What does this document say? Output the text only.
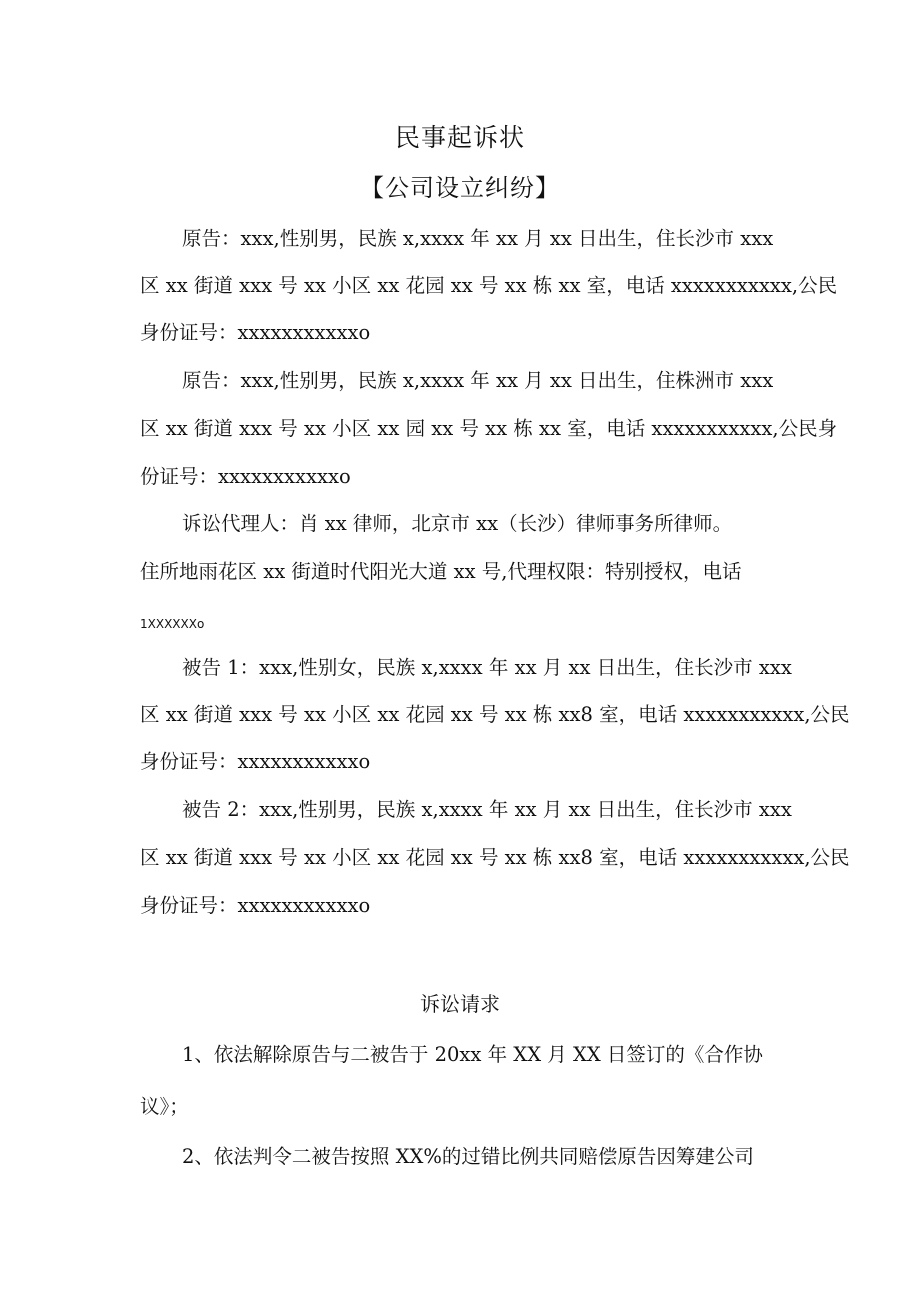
民事起诉状
【公司设立纠纷】
原告：xxx,性别男，民族 x,xxxx 年 xx 月 xx 日出生，住长沙市 xxx
区 xx 街道 xxx 号 xx 小区 xx 花园 xx 号 xx 栋 xx 室，电话 xxxxxxxxxxx,公民
身份证号：xxxxxxxxxxxo
原告：xxx,性别男，民族 x,xxxx 年 xx 月 xx 日出生，住株洲市 xxx
区 xx 街道 xxx 号 xx 小区 xx 园 xx 号 xx 栋 xx 室，电话 xxxxxxxxxxx,公民身
份证号：xxxxxxxxxxxo
诉讼代理人：肖 xx 律师，北京市 xx（长沙）律师事务所律师。
住所地雨花区 xx 街道时代阳光大道 xx 号,代理权限：特别授权，电话
1XXXXXXo
被告 1：xxx,性别女，民族 x,xxxx 年 xx 月 xx 日出生，住长沙市 xxx
区 xx 街道 xxx 号 xx 小区 xx 花园 xx 号 xx 栋 xx8 室，电话 xxxxxxxxxxx,公民
身份证号：xxxxxxxxxxxo
被告 2：xxx,性别男，民族 x,xxxx 年 xx 月 xx 日出生，住长沙市 xxx
区 xx 街道 xxx 号 xx 小区 xx 花园 xx 号 xx 栋 xx8 室，电话 xxxxxxxxxxx,公民
身份证号：xxxxxxxxxxxo
诉讼请求
1、依法解除原告与二被告于 20xx 年 XX 月 XX 日签订的《合作协
议》；
2、依法判令二被告按照 XX%的过错比例共同赔偿原告因筹建公司
